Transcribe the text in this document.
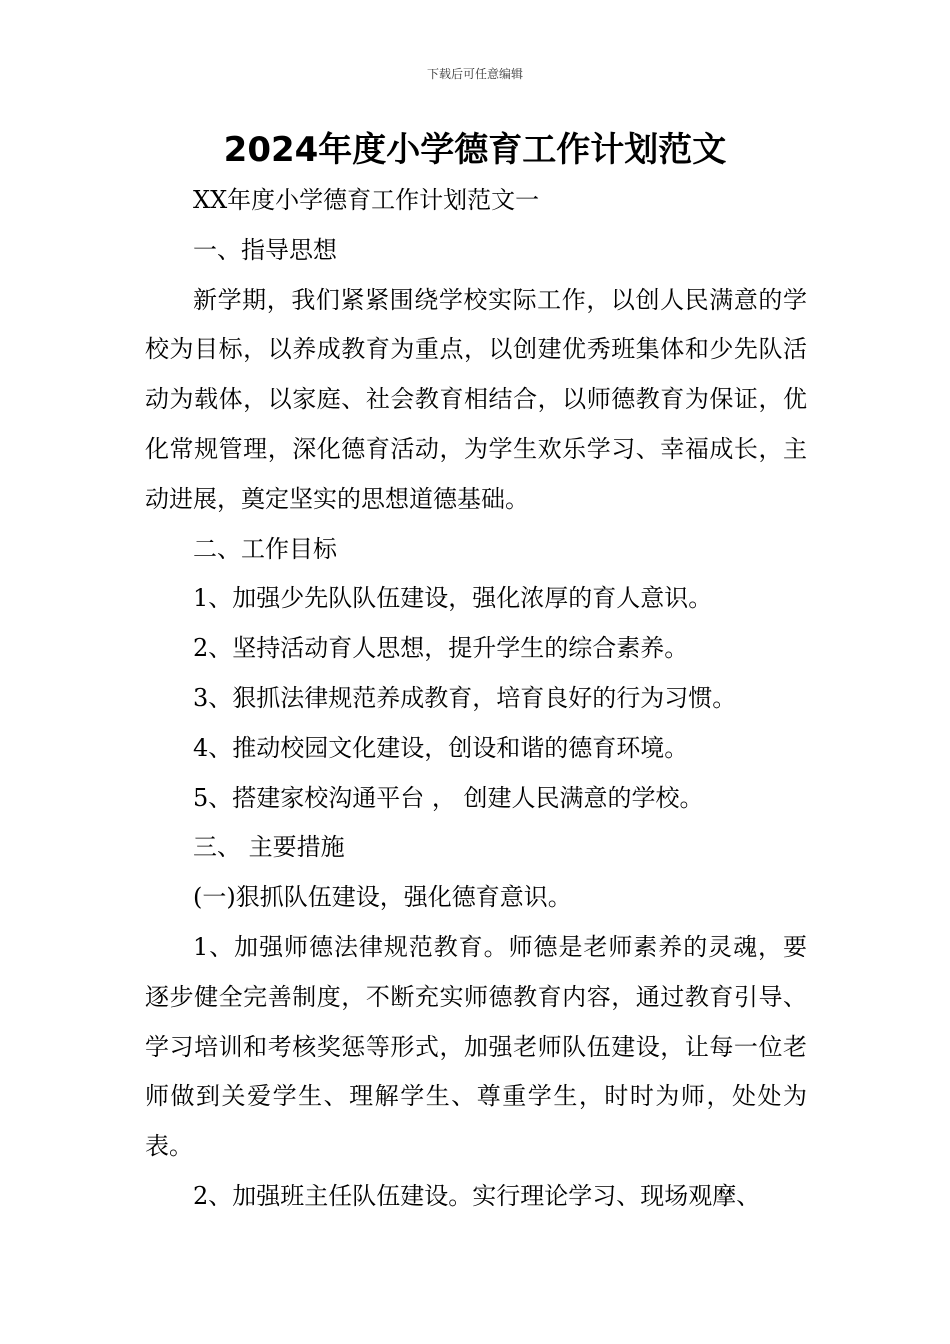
下载后可任意编辑
2024年度小学德育工作计划范文

XX年度小学德育工作计划范文一

一、指导思想

新学期，我们紧紧围绕学校实际工作，以创人民满意的学校为目标，以养成教育为重点，以创建优秀班集体和少先队活动为载体，以家庭、社会教育相结合，以师德教育为保证，优化常规管理，深化德育活动，为学生欢乐学习、幸福成长，主动进展，奠定坚实的思想道德基础。

二、工作目标

1、加强少先队队伍建设，强化浓厚的育人意识。

2、坚持活动育人思想，提升学生的综合素养。

3、狠抓法律规范养成教育，培育良好的行为习惯。

4、推动校园文化建设，创设和谐的德育环境。

5、搭建家校沟通平台 ， 创建人民满意的学校。

三、 主要措施

(一)狠抓队伍建设，强化德育意识。

1、加强师德法律规范教育。师德是老师素养的灵魂，要逐步健全完善制度，不断充实师德教育内容，通过教育引导、学习培训和考核奖惩等形式，加强老师队伍建设，让每一位老师做到关爱学生、理解学生、尊重学生，时时为师，处处为表。

2、加强班主任队伍建设。实行理论学习、现场观摩、
